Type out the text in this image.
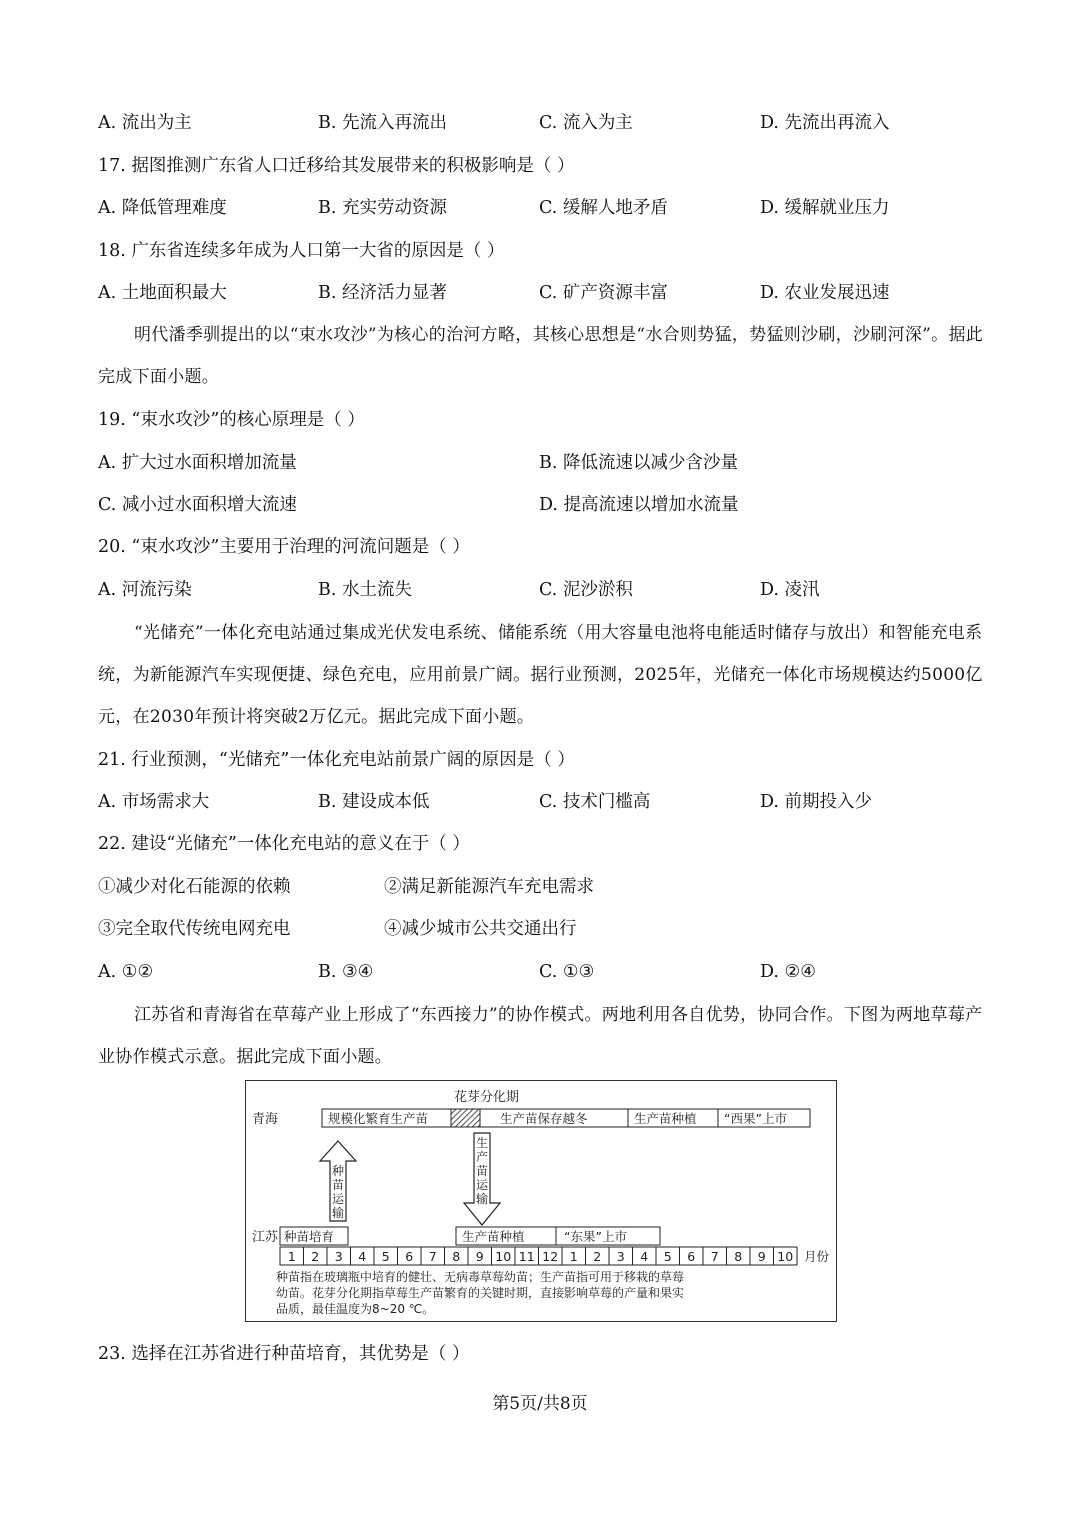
A. 流出为主	B. 先流入再流出	C. 流入为主	D. 先流出再流入
17. 据图推测广东省人口迁移给其发展带来的积极影响是（ ）
A. 降低管理难度	B. 充实劳动资源	C. 缓解人地矛盾	D. 缓解就业压力
18. 广东省连续多年成为人口第一大省的原因是（ ）
A. 土地面积最大	B. 经济活力显著	C. 矿产资源丰富	D. 农业发展迅速
明代潘季驯提出的以“束水攻沙”为核心的治河方略，其核心思想是“水合则势猛，势猛则沙刷，沙刷河深”。据此完成下面小题。
19. “束水攻沙”的核心原理是（ ）
A. 扩大过水面积增加流量	B. 降低流速以减少含沙量
C. 减小过水面积增大流速	D. 提高流速以增加水流量
20. “束水攻沙”主要用于治理的河流问题是（ ）
A. 河流污染	B. 水土流失	C. 泥沙淤积	D. 凌汛
“光储充”一体化充电站通过集成光伏发电系统、储能系统（用大容量电池将电能适时储存与放出）和智能充电系统，为新能源汽车实现便捷、绿色充电，应用前景广阔。据行业预测，2025年，光储充一体化市场规模达约5000亿元，在2030年预计将突破2万亿元。据此完成下面小题。
21. 行业预测，“光储充”一体化充电站前景广阔的原因是（ ）
A. 市场需求大	B. 建设成本低	C. 技术门槛高	D. 前期投入少
22. 建设“光储充”一体化充电站的意义在于（ ）
①减少对化石能源的依赖	②满足新能源汽车充电需求
③完全取代传统电网充电	④减少城市公共交通出行
A. ①②	B. ③④	C. ①③	D. ②④
江苏省和青海省在草莓产业上形成了“东西接力”的协作模式。两地利用各自优势，协同合作。下图为两地草莓产业协作模式示意。据此完成下面小题。
花芽分化期
青海	规模化繁育生产苗	生产苗保存越冬	生产苗种植 “西果”上市
种
苗
运
输
生
产
苗
运
输
江苏 种苗培育	生产苗种植	“东果”上市
1 2 3 4 5 6 7 8 9 10 11 12 1 2 3 4 5 6 7 8 9 10 月份
种苗指在玻璃瓶中培育的健壮、无病毒草莓幼苗；生产苗指可用于移栽的草莓
幼苗。花芽分化期指草莓生产苗繁育的关键时期，直接影响草莓的产量和果实
品质，最佳温度为8~20 ℃。
23. 选择在江苏省进行种苗培育，其优势是（ ）
第5页/共8页
